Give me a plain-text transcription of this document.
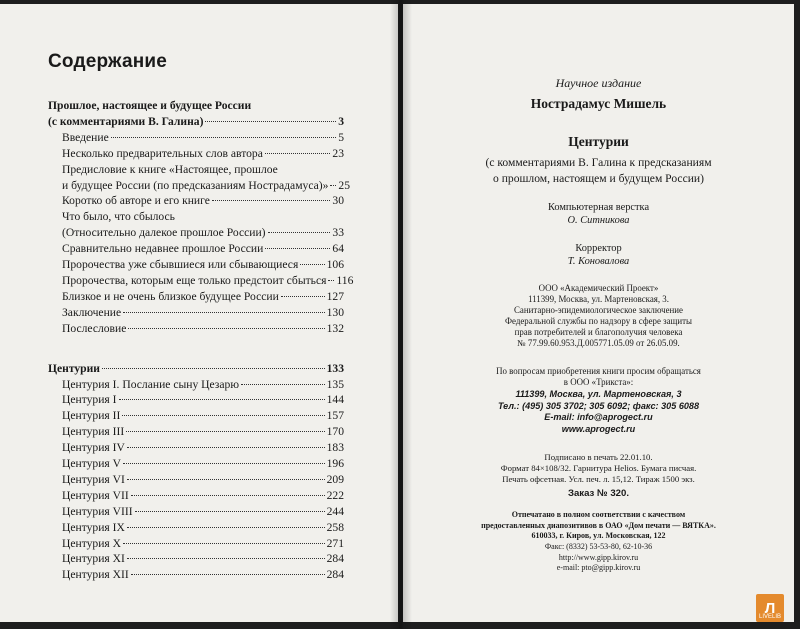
Содержание
Прошлое, настоящее и будущее России
(с комментариями В. Галина)	3
Введение	5
Несколько предварительных слов автора	23
Предисловие к книге «Настоящее, прошлое
и будущее России (по предсказаниям Нострадамуса)» 25
Коротко об авторе и его книге	30
Что было, что сбылось
(Относительно далекое прошлое России)	33
Сравнительно недавнее прошлое России	64
Пророчества уже сбывшиеся или сбывающиеся 106
Пророчества, которым еще только предстоит сбыться 116
Близкое и не очень близкое будущее России	127
Заключение	130
Послесловие	132
Центурии	133
Центурия I. Послание сыну Цезарю	135
Центурия I	144
Центурия II	157
Центурия III	170
Центурия IV	183
Центурия V	196
Центурия VI	209
Центурия VII	222
Центурия VIII	244
Центурия IX	258
Центурия X	271
Центурия XI	284
Центурия XII	284
Научное издание
Нострадамус Мишель
Центурии
(с комментариями В. Галина к предсказаниям
о прошлом, настоящем и будущем России)
Компьютерная верстка
О. Ситникова
Корректор
Т. Коновалова
ООО «Академический Проект»
111399, Москва, ул. Мартеновская, 3.
Санитарно-эпидемиологическое заключение
Федеральной службы по надзору в сфере защиты
прав потребителей и благополучия человека
№ 77.99.60.953.Д.005771.05.09 от 26.05.09.
По вопросам приобретения книги просим обращаться
в ООО «Трикста»:
111399, Москва, ул. Мартеновская, 3
Тел.: (495) 305 3702; 305 6092; факс: 305 6088
E-mail: info@aprogect.ru
www.aprogect.ru
Подписано в печать 22.01.10.
Формат 84×108/32. Гарнитура Helios. Бумага писчая.
Печать офсетная. Усл. печ. л. 15,12. Тираж 1500 экз.
Заказ № 320.
Отпечатано в полном соответствии с качеством
предоставленных диапозитивов в ОАО «Дом печати — ВЯТКА».
610033, г. Киров, ул. Московская, 122
Факс: (8332) 53-53-80, 62-10-36
http://www.gipp.kirov.ru
e-mail: pto@gipp.kirov.ru
Л
LIVELIB
